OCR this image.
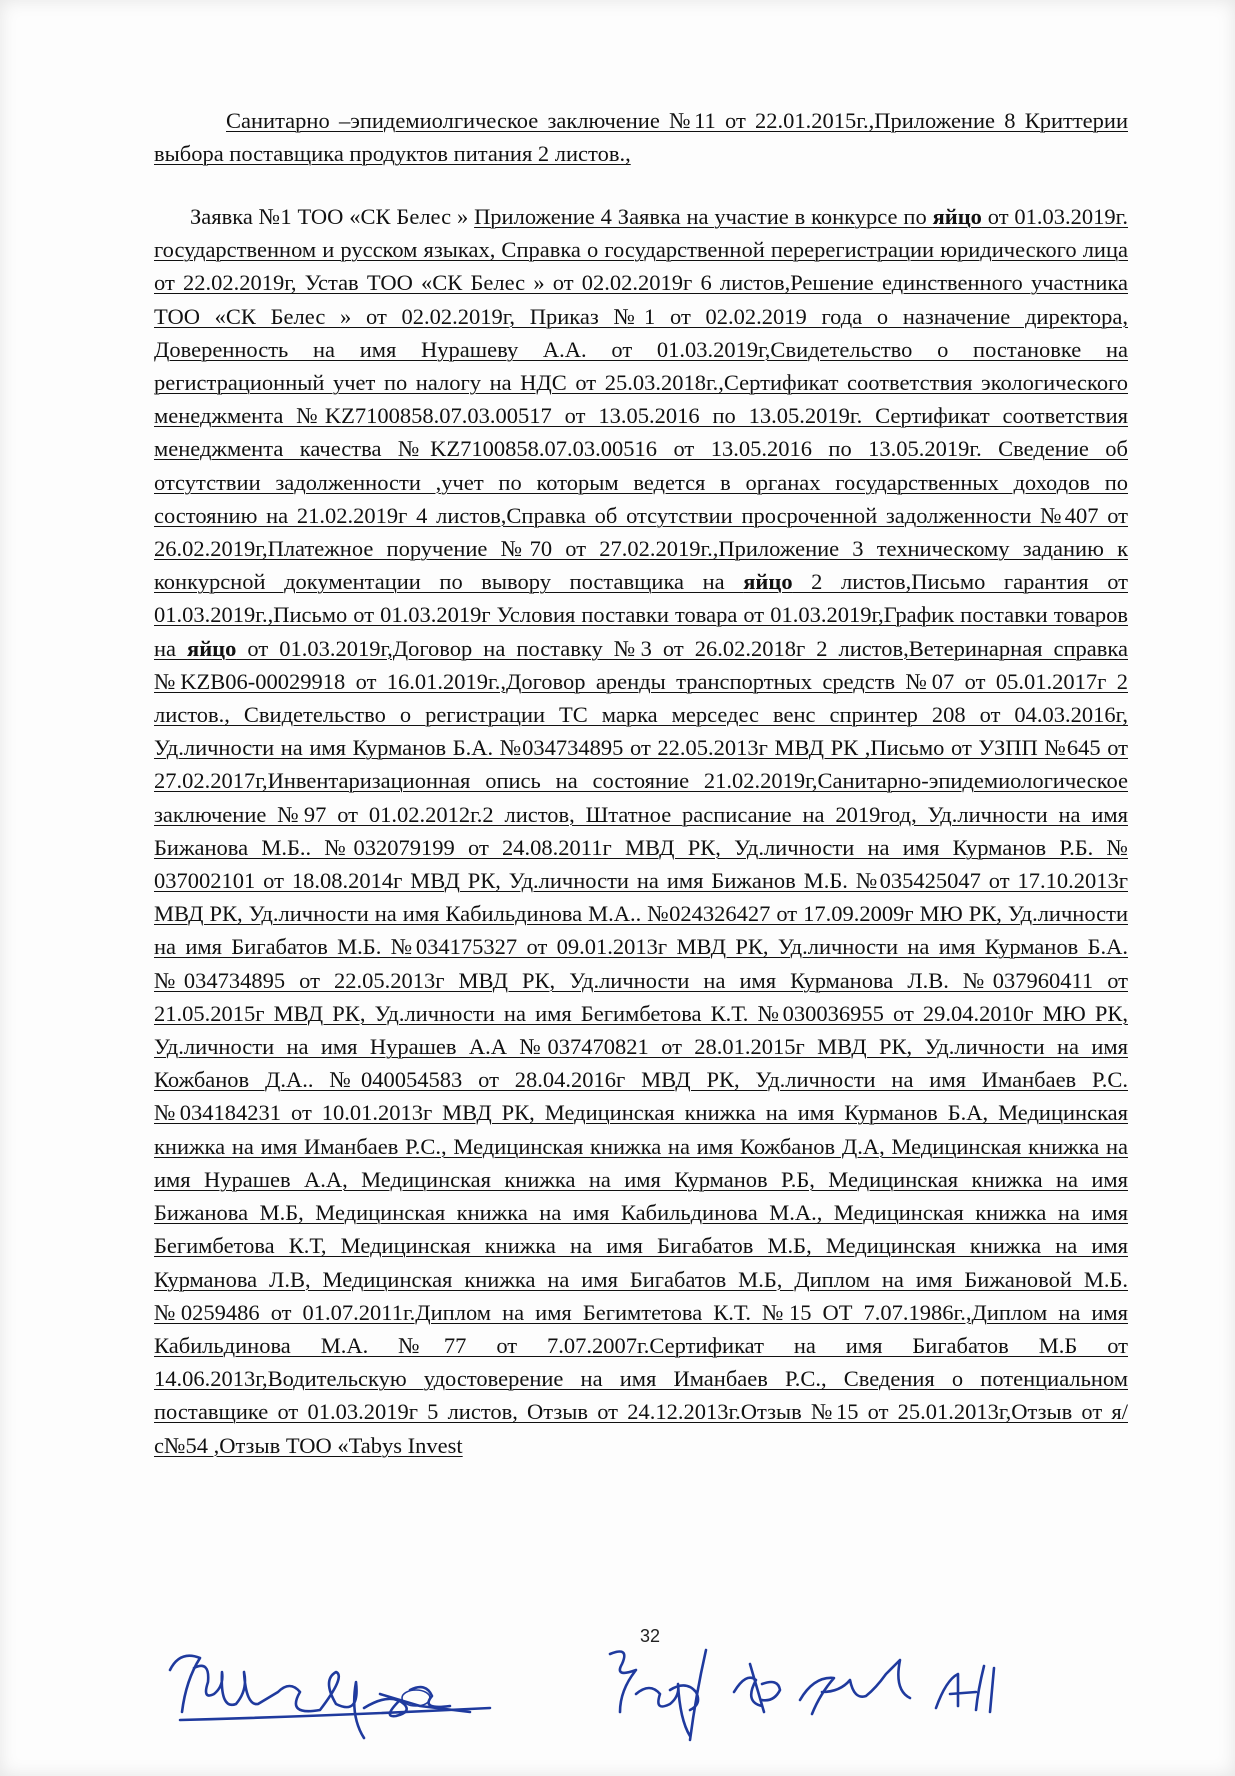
Санитарно –эпидемиолгическое заключение №11 от 22.01.2015г.,Приложение 8 Криттерии выбора поставщика продуктов питания 2 листов.,

Заявка №1 ТОО «СК Белес » Приложение 4 Заявка на участие в конкурсе по яйцо от 01.03.2019г. государственном и русском языках, Справка о государственной перерегистрации юридического лица от 22.02.2019г, Устав ТОО «СК Белес » от 02.02.2019г 6 листов,Решение единственного участника ТОО «СК Белес » от 02.02.2019г, Приказ №1 от 02.02.2019 года о назначение директора, Доверенность на имя Нурашеву А.А. от 01.03.2019г,Свидетельство о постановке на регистрационный учет по налогу на НДС от 25.03.2018г.,Сертификат соответствия экологического менеджмента №KZ7100858.07.03.00517 от 13.05.2016 по 13.05.2019г. Сертификат соответствия менеджмента качества №KZ7100858.07.03.00516 от 13.05.2016 по 13.05.2019г. Сведение об отсутствии задолженности ,учет по которым ведется в органах государственных доходов по состоянию на 21.02.2019г 4 листов,Справка об отсутствии просроченной задолженности №407 от 26.02.2019г,Платежное поручение №70 от 27.02.2019г.,Приложение 3 техническому заданию к конкурсной документации по вывору поставщика на яйцо 2 листов,Письмо гарантия от 01.03.2019г.,Письмо от 01.03.2019г Условия поставки товара от 01.03.2019г,График поставки товаров на яйцо от 01.03.2019г,Договор на поставку №3 от 26.02.2018г 2 листов,Ветеринарная справка №KZB06-00029918 от 16.01.2019г.,Договор аренды транспортных средств №07 от 05.01.2017г 2 листов., Свидетельство о регистрации ТС марка мерседес венс спринтер 208 от 04.03.2016г, Уд.личности на имя Курманов Б.А. №034734895 от 22.05.2013г МВД РК ,Письмо от УЗПП №645 от 27.02.2017г,Инвентаризационная опись на состояние 21.02.2019г,Санитарно-эпидемиологическое заключение №97 от 01.02.2012г.2 листов, Штатное расписание на 2019год, Уд.личности на имя Бижанова М.Б.. №032079199 от 24.08.2011г МВД РК, Уд.личности на имя Курманов Р.Б. № 037002101 от 18.08.2014г МВД РК, Уд.личности на имя Бижанов М.Б. №035425047 от 17.10.2013г МВД РК, Уд.личности на имя Кабильдинова М.А.. №024326427 от 17.09.2009г МЮ РК, Уд.личности на имя Бигабатов М.Б. №034175327 от 09.01.2013г МВД РК, Уд.личности на имя Курманов Б.А. №034734895 от 22.05.2013г МВД РК, Уд.личности на имя Курманова Л.В. №037960411 от 21.05.2015г МВД РК, Уд.личности на имя Бегимбетова К.Т. №030036955 от 29.04.2010г МЮ РК, Уд.личности на имя Нурашев А.А №037470821 от 28.01.2015г МВД РК, Уд.личности на имя Кожбанов Д.А.. №040054583 от 28.04.2016г МВД РК, Уд.личности на имя Иманбаев Р.С. №034184231 от 10.01.2013г МВД РК, Медицинская книжка на имя Курманов Б.А, Медицинская книжка на имя Иманбаев Р.С., Медицинская книжка на имя Кожбанов Д.А, Медицинская книжка на имя Нурашев А.А, Медицинская книжка на имя Курманов Р.Б, Медицинская книжка на имя Бижанова М.Б, Медицинская книжка на имя Кабильдинова М.А., Медицинская книжка на имя Бегимбетова К.Т, Медицинская книжка на имя Бигабатов М.Б, Медицинская книжка на имя Курманова Л.В, Медицинская книжка на имя Бигабатов М.Б, Диплом на имя Бижановой М.Б. №0259486 от 01.07.2011г.Диплом на имя Бегимтетова К.Т. №15 ОТ 7.07.1986г.,Диплом на имя Кабильдинова М.А. №77 от 7.07.2007г.Сертификат на имя Бигабатов М.Б от 14.06.2013г,Водительскую удостоверение на имя Иманбаев Р.С., Сведения о потенциальном поставщике от 01.03.2019г 5 листов, Отзыв от 24.12.2013г.Отзыв №15 от 25.01.2013г,Отзыв от я/с№54 ,Отзыв ТОО «Tabys Invest

32
